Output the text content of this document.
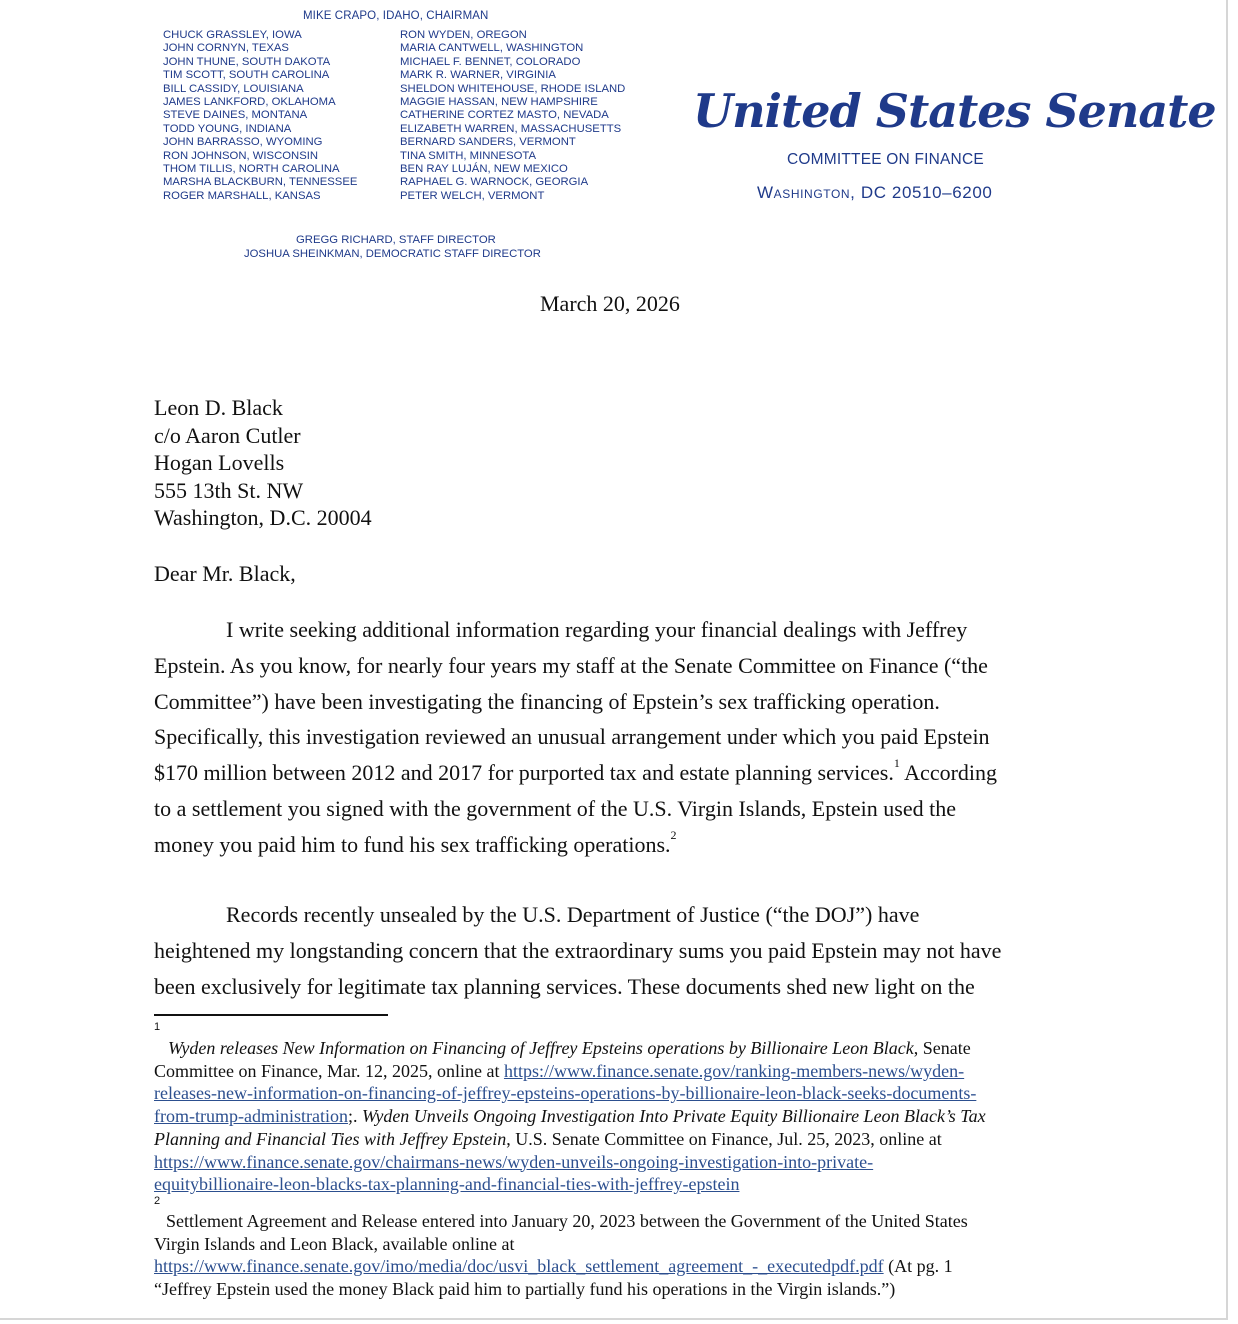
MIKE CRAPO, IDAHO, CHAIRMAN
CHUCK GRASSLEY, IOWA
JOHN CORNYN, TEXAS
JOHN THUNE, SOUTH DAKOTA
TIM SCOTT, SOUTH CAROLINA
BILL CASSIDY, LOUISIANA
JAMES LANKFORD, OKLAHOMA
STEVE DAINES, MONTANA
TODD YOUNG, INDIANA
JOHN BARRASSO, WYOMING
RON JOHNSON, WISCONSIN
THOM TILLIS, NORTH CAROLINA
MARSHA BLACKBURN, TENNESSEE
ROGER MARSHALL, KANSAS
RON WYDEN, OREGON
MARIA CANTWELL, WASHINGTON
MICHAEL F. BENNET, COLORADO
MARK R. WARNER, VIRGINIA
SHELDON WHITEHOUSE, RHODE ISLAND
MAGGIE HASSAN, NEW HAMPSHIRE
CATHERINE CORTEZ MASTO, NEVADA
ELIZABETH WARREN, MASSACHUSETTS
BERNARD SANDERS, VERMONT
TINA SMITH, MINNESOTA
BEN RAY LUJÁN, NEW MEXICO
RAPHAEL G. WARNOCK, GEORGIA
PETER WELCH, VERMONT
GREGG RICHARD, STAFF DIRECTOR
JOSHUA SHEINKMAN, DEMOCRATIC STAFF DIRECTOR
United States Senate
COMMITTEE ON FINANCE
Washington, DC 20510–6200
March 20, 2026
Leon D. Black
c/o Aaron Cutler
Hogan Lovells
555 13th St. NW
Washington, D.C. 20004
Dear Mr. Black,
I write seeking additional information regarding your financial dealings with Jeffrey
Epstein. As you know, for nearly four years my staff at the Senate Committee on Finance (“the
Committee”) have been investigating the financing of Epstein’s sex trafficking operation.
Specifically, this investigation reviewed an unusual arrangement under which you paid Epstein
$170 million between 2012 and 2017 for purported tax and estate planning services.$^1$ According
to a settlement you signed with the government of the U.S. Virgin Islands, Epstein used the
money you paid him to fund his sex trafficking operations.$^2$
Records recently unsealed by the U.S. Department of Justice (“the DOJ”) have
heightened my longstanding concern that the extraordinary sums you paid Epstein may not have
been exclusively for legitimate tax planning services. These documents shed new light on the
1
Wyden releases New Information on Financing of Jeffrey Epsteins operations by Billionaire Leon Black, Senate
Committee on Finance, Mar. 12, 2025, online at https://www.finance.senate.gov/ranking-members-news/wyden-
releases-new-information-on-financing-of-jeffrey-epsteins-operations-by-billionaire-leon-black-seeks-documents-
from-trump-administration;. Wyden Unveils Ongoing Investigation Into Private Equity Billionaire Leon Black’s Tax
Planning and Financial Ties with Jeffrey Epstein, U.S. Senate Committee on Finance, Jul. 25, 2023, online at
https://www.finance.senate.gov/chairmans-news/wyden-unveils-ongoing-investigation-into-private-
equitybillionaire-leon-blacks-tax-planning-and-financial-ties-with-jeffrey-epstein
2
Settlement Agreement and Release entered into January 20, 2023 between the Government of the United States
Virgin Islands and Leon Black, available online at
https://www.finance.senate.gov/imo/media/doc/usvi_black_settlement_agreement_-_executedpdf.pdf (At pg. 1
“Jeffrey Epstein used the money Black paid him to partially fund his operations in the Virgin islands.”)
